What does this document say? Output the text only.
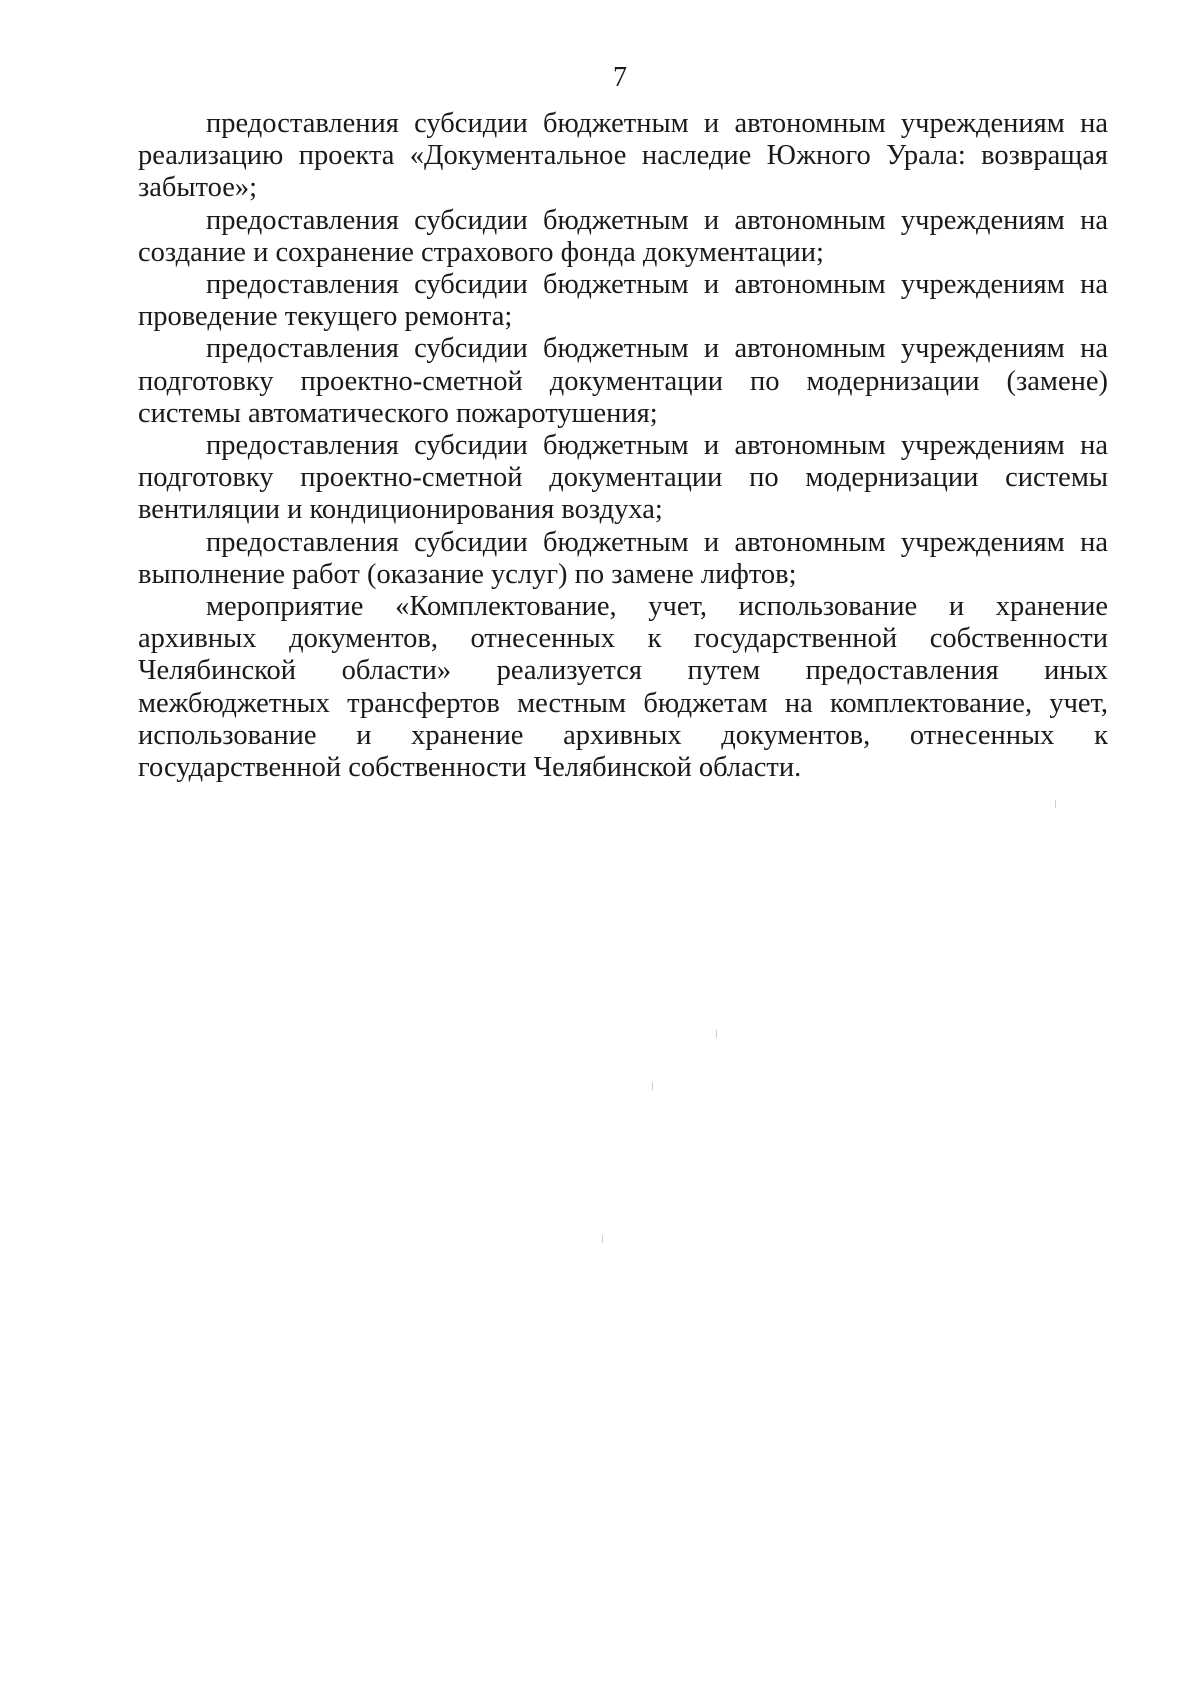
7

предоставления субсидии бюджетным и автономным учреждениям на реализацию проекта «Документальное наследие Южного Урала: возвращая забытое»;

предоставления субсидии бюджетным и автономным учреждениям на создание и сохранение страхового фонда документации;

предоставления субсидии бюджетным и автономным учреждениям на проведение текущего ремонта;

предоставления субсидии бюджетным и автономным учреждениям на подготовку проектно-сметной документации по модернизации (замене) системы автоматического пожаротушения;

предоставления субсидии бюджетным и автономным учреждениям на подготовку проектно-сметной документации по модернизации системы вентиляции и кондиционирования воздуха;

предоставления субсидии бюджетным и автономным учреждениям на выполнение работ (оказание услуг) по замене лифтов;

мероприятие «Комплектование, учет, использование и хранение архивных документов, отнесенных к государственной собственности Челябинской области» реализуется путем предоставления иных межбюджетных трансфертов местным бюджетам на комплектование, учет, использование и хранение архивных документов, отнесенных к государственной собственности Челябинской области.
